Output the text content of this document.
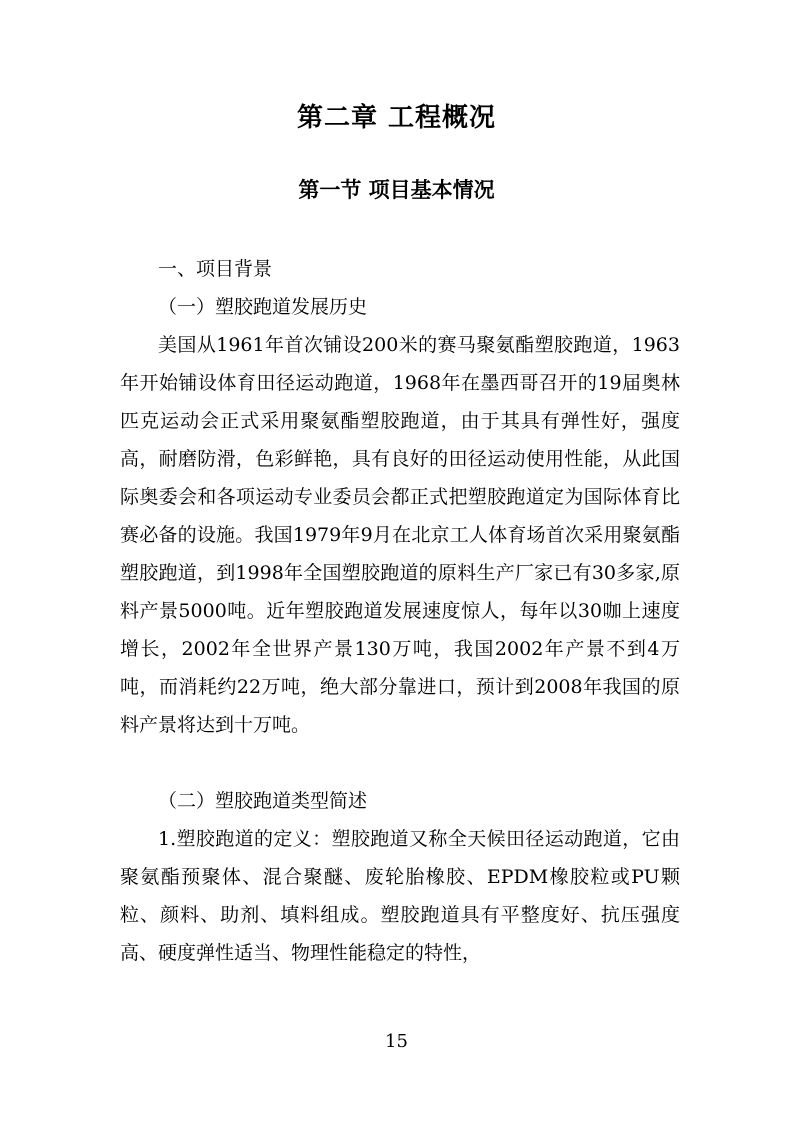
第二章 工程概况
第一节 项目基本情况

一、项目背景

（一）塑胶跑道发展历史

美国从1961年首次铺设200米的赛马聚氨酯塑胶跑道，1963年开始铺设体育田径运动跑道，1968年在墨西哥召开的19届奥林匹克运动会正式采用聚氨酯塑胶跑道，由于其具有弹性好，强度高，耐磨防滑，色彩鲜艳，具有良好的田径运动使用性能，从此国际奥委会和各项运动专业委员会都正式把塑胶跑道定为国际体育比赛必备的设施。我国1979年9月在北京工人体育场首次采用聚氨酯塑胶跑道，到1998年全国塑胶跑道的原料生产厂家已有30多家,原料产景5000吨。近年塑胶跑道发展速度惊人，每年以30咖上速度增长，2002年全世界产景130万吨，我国2002年产景不到4万吨，而消耗约22万吨，绝大部分靠进口，预计到2008年我国的原料产景将达到十万吨。

（二）塑胶跑道类型简述

1.塑胶跑道的定义：塑胶跑道又称全天候田径运动跑道，它由聚氨酯预聚体、混合聚醚、废轮胎橡胶、EPDM橡胶粒或PU颗粒、颜料、助剂、填料组成。塑胶跑道具有平整度好、抗压强度高、硬度弹性适当、物理性能稳定的特性，

15
